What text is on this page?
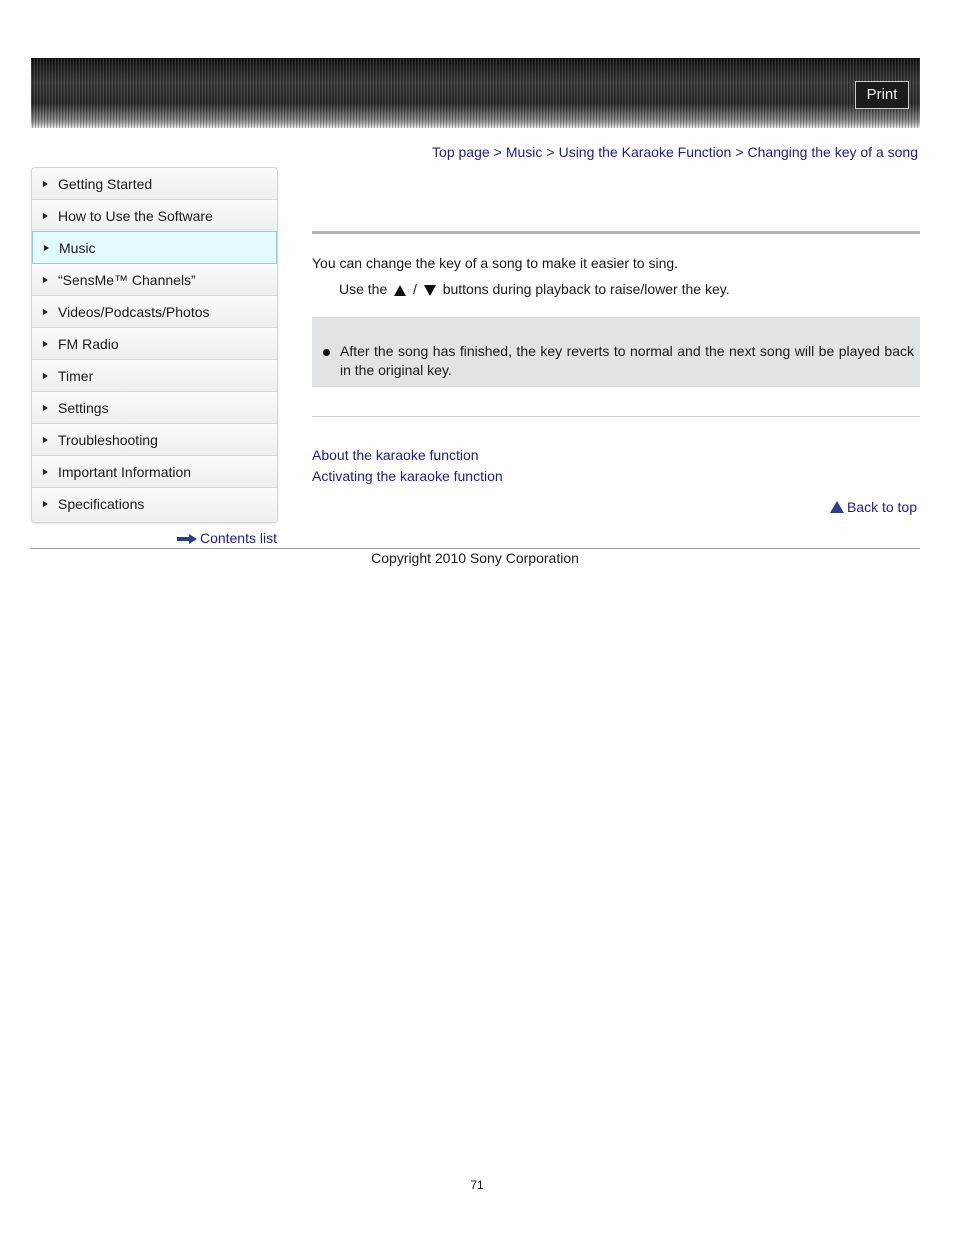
Print
Top page > Music > Using the Karaoke Function > Changing the key of a song
Getting Started
How to Use the Software
Music
“SensMe™ Channels”
Videos/Podcasts/Photos
FM Radio
Timer
Settings
Troubleshooting
Important Information
Specifications
Contents list
You can change the key of a song to make it easier to sing.
Use the / buttons during playback to raise/lower the key.
After the song has finished, the key reverts to normal and the next song will be played back in the original key.
About the karaoke function
Activating the karaoke function
Back to top
Copyright 2010 Sony Corporation
71
